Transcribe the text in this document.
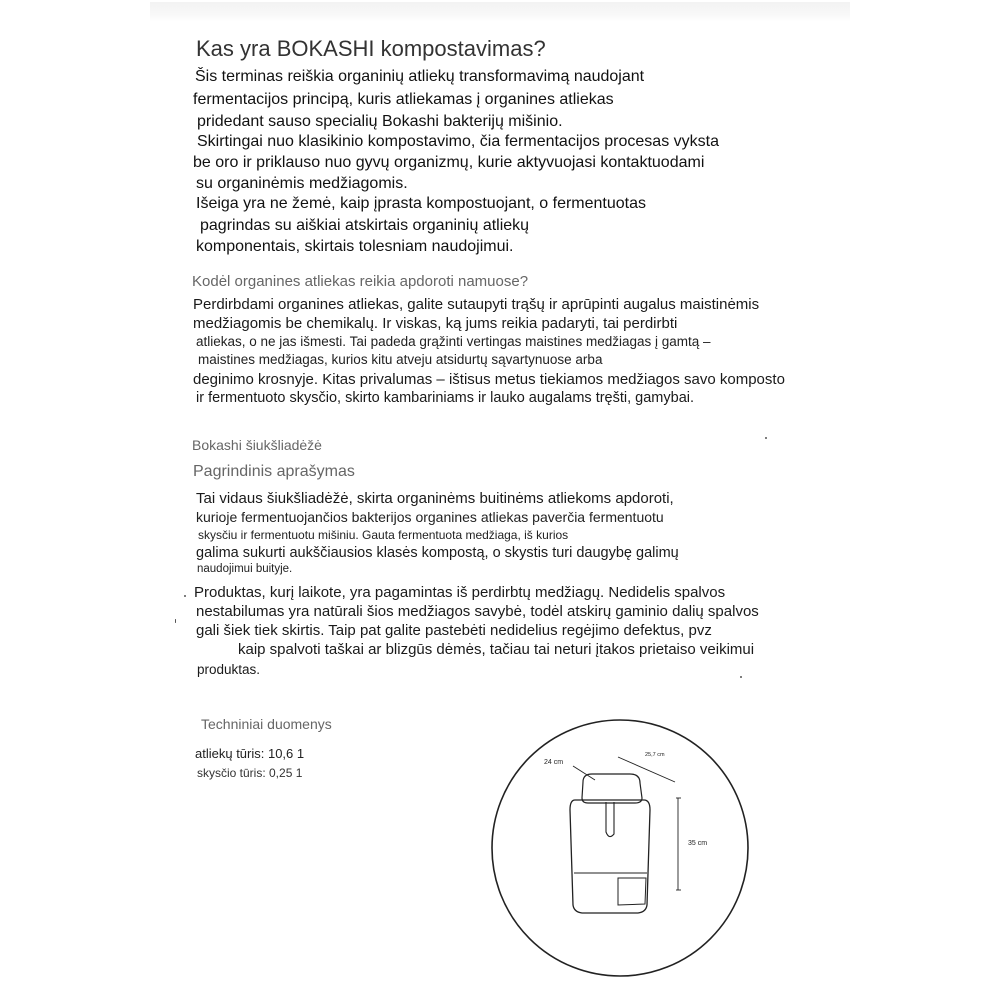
Kas yra BOKASHI kompostavimas?
Šis terminas reiškia organinių atliekų transformavimą naudojant
fermentacijos principą, kuris atliekamas į organines atliekas
pridedant sauso specialių Bokashi bakterijų mišinio.
Skirtingai nuo klasikinio kompostavimo, čia fermentacijos procesas vyksta
be oro ir priklauso nuo gyvų organizmų, kurie aktyvuojasi kontaktuodami
su organinėmis medžiagomis.
Išeiga yra ne žemė, kaip įprasta kompostuojant, o fermentuotas
pagrindas su aiškiai atskirtais organinių atliekų
komponentais, skirtais tolesniam naudojimui.
Kodėl organines atliekas reikia apdoroti namuose?
Perdirbdami organines atliekas, galite sutaupyti trąšų ir aprūpinti augalus maistinėmis
medžiagomis be chemikalų. Ir viskas, ką jums reikia padaryti, tai perdirbti
atliekas, o ne jas išmesti. Tai padeda grąžinti vertingas maistines medžiagas į gamtą –
maistines medžiagas, kurios kitu atveju atsidurtų sąvartynuose arba
deginimo krosnyje. Kitas privalumas – ištisus metus tiekiamos medžiagos savo komposto
ir fermentuoto skysčio, skirto kambariniams ir lauko augalams tręšti, gamybai.
Bokashi šiukšliadėžė
Pagrindinis aprašymas
Tai vidaus šiukšliadėžė, skirta organinėms buitinėms atliekoms apdoroti,
kurioje fermentuojančios bakterijos organines atliekas paverčia fermentuotu
skysčiu ir fermentuotu mišiniu. Gauta fermentuota medžiaga, iš kurios
galima sukurti aukščiausios klasės kompostą, o skystis turi daugybę galimų
naudojimui buityje.
Produktas, kurį laikote, yra pagamintas iš perdirbtų medžiagų. Nedidelis spalvos
nestabilumas yra natūrali šios medžiagos savybė, todėl atskirų gaminio dalių spalvos
gali šiek tiek skirtis. Taip pat galite pastebėti nedidelius regėjimo defektus, pvz
kaip spalvoti taškai ar blizgūs dėmės, tačiau tai neturi įtakos prietaiso veikimui
produktas.
Techniniai duomenys
atliekų tūris: 10,6 1
skysčio tūris: 0,25 1
24 cm
25,7 cm
35 cm
